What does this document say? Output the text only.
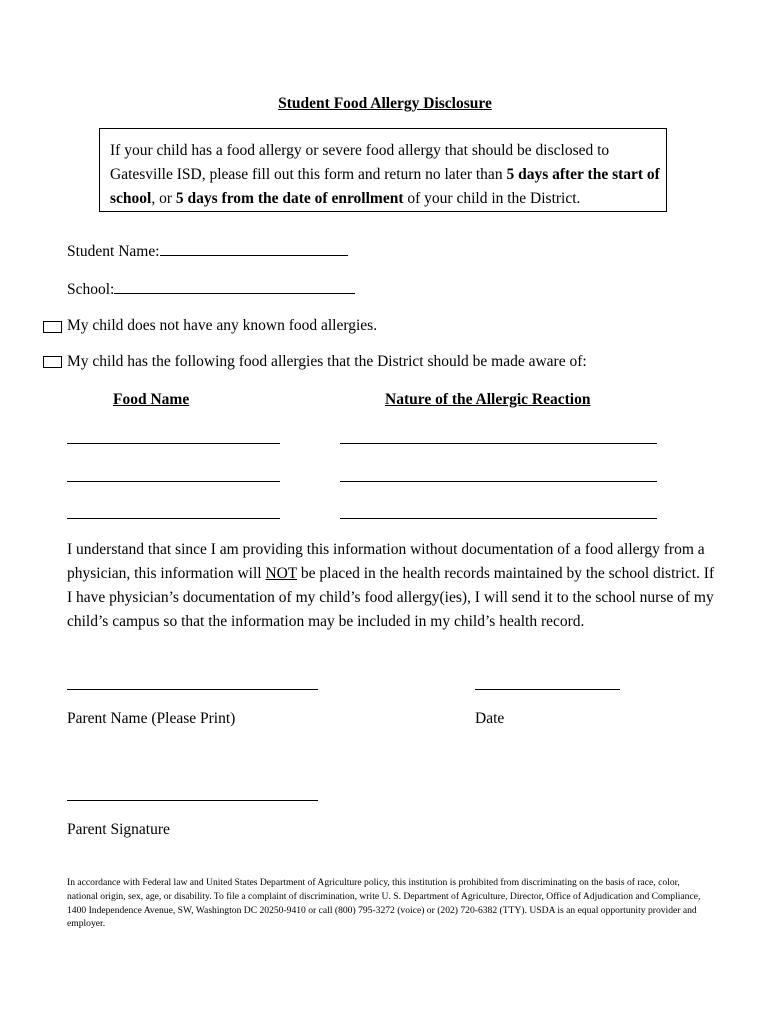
Student Food Allergy Disclosure
If your child has a food allergy or severe food allergy that should be disclosed to Gatesville ISD, please fill out this form and return no later than 5 days after the start of school, or 5 days from the date of enrollment of your child in the District.
Student Name:
School:
My child does not have any known food allergies.
My child has the following food allergies that the District should be made aware of:
Food Name	Nature of the Allergic Reaction
I understand that since I am providing this information without documentation of a food allergy from a physician, this information will NOT be placed in the health records maintained by the school district. If I have physician’s documentation of my child’s food allergy(ies), I will send it to the school nurse of my child’s campus so that the information may be included in my child’s health record.
Parent Name (Please Print)	Date
Parent Signature
In accordance with Federal law and United States Department of Agriculture policy, this institution is prohibited from discriminating on the basis of race, color, national origin, sex, age, or disability. To file a complaint of discrimination, write U. S. Department of Agriculture, Director, Office of Adjudication and Compliance, 1400 Independence Avenue, SW, Washington DC 20250-9410 or call (800) 795-3272 (voice) or (202) 720-6382 (TTY). USDA is an equal opportunity provider and employer.
